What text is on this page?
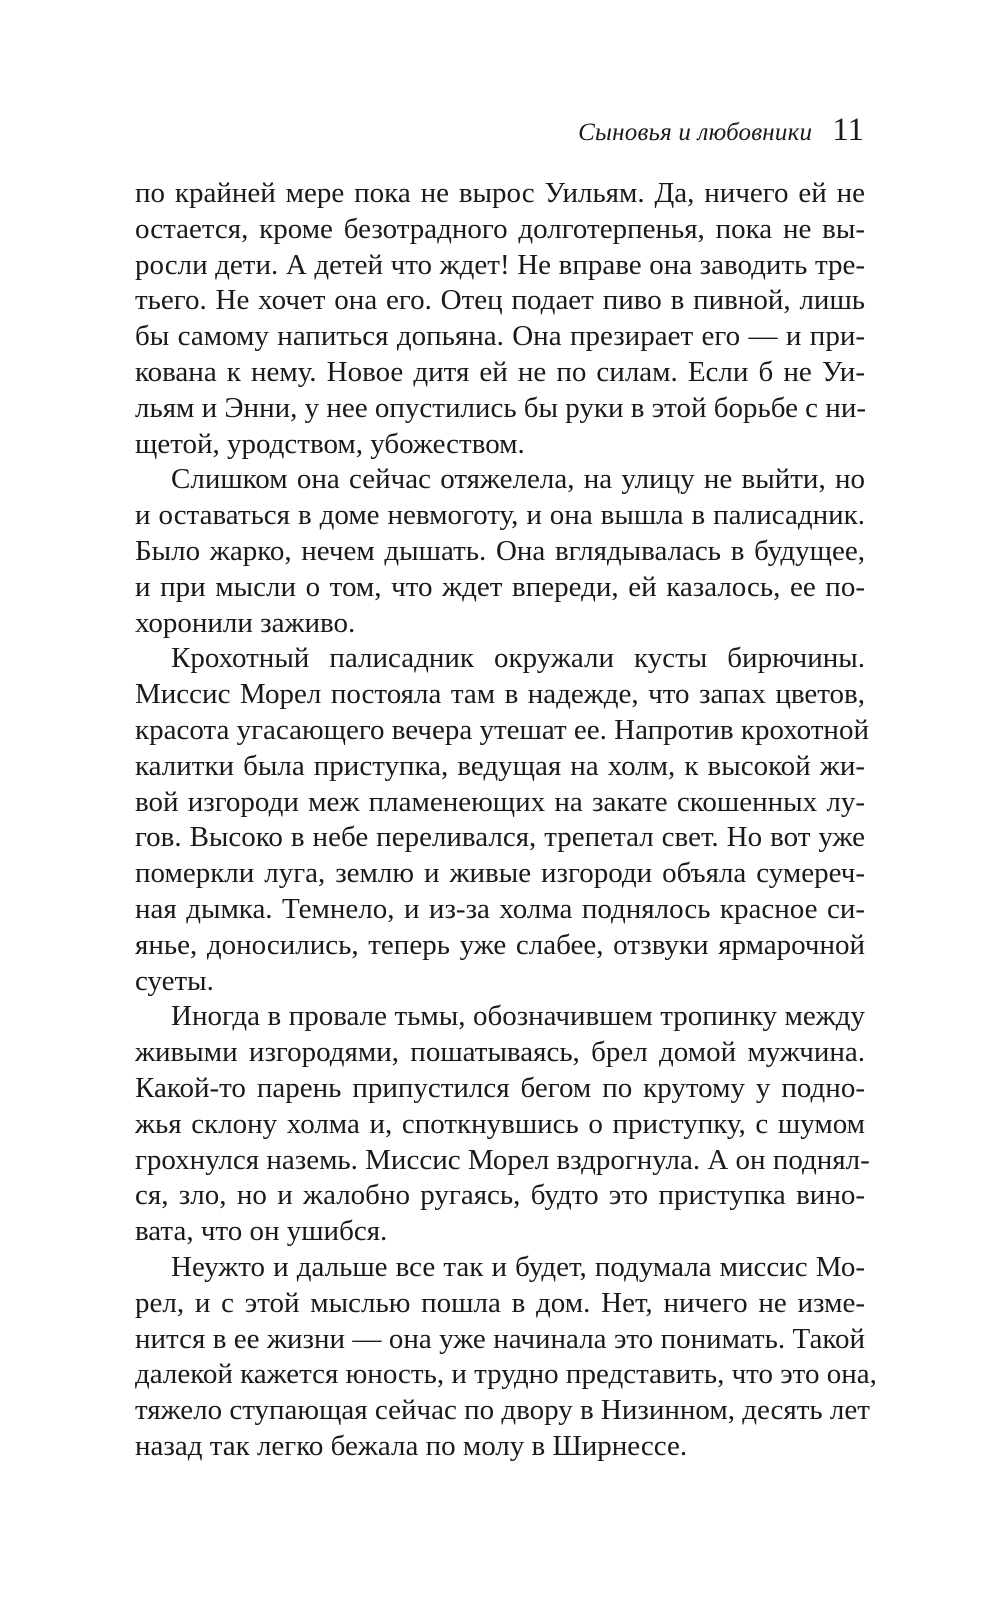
Сыновья и любовники 11
по крайней мере пока не вырос Уильям. Да, ничего ей не
остается, кроме безотрадного долготерпенья, пока не вы-
росли дети. А детей что ждет! Не вправе она заводить тре-
тьего. Не хочет она его. Отец подает пиво в пивной, лишь
бы самому напиться допьяна. Она презирает его — и при-
кована к нему. Новое дитя ей не по силам. Если б не Уи-
льям и Энни, у нее опустились бы руки в этой борьбе с ни-
щетой, уродством, убожеством.
Слишком она сейчас отяжелела, на улицу не выйти, но
и оставаться в доме невмоготу, и она вышла в палисадник.
Было жарко, нечем дышать. Она вглядывалась в будущее,
и при мысли о том, что ждет впереди, ей казалось, ее по-
хоронили заживо.
Крохотный палисадник окружали кусты бирючины.
Миссис Морел постояла там в надежде, что запах цветов,
красота угасающего вечера утешат ее. Напротив крохотной
калитки была приступка, ведущая на холм, к высокой жи-
вой изгороди меж пламенеющих на закате скошенных лу-
гов. Высоко в небе переливался, трепетал свет. Но вот уже
померкли луга, землю и живые изгороди объяла сумереч-
ная дымка. Темнело, и из-за холма поднялось красное си-
янье, доносились, теперь уже слабее, отзвуки ярмарочной
суеты.
Иногда в провале тьмы, обозначившем тропинку между
живыми изгородями, пошатываясь, брел домой мужчина.
Какой-то парень припустился бегом по крутому у подно-
жья склону холма и, споткнувшись о приступку, с шумом
грохнулся наземь. Миссис Морел вздрогнула. А он поднял-
ся, зло, но и жалобно ругаясь, будто это приступка вино-
вата, что он ушибся.
Неужто и дальше все так и будет, подумала миссис Мо-
рел, и с этой мыслью пошла в дом. Нет, ничего не изме-
нится в ее жизни — она уже начинала это понимать. Такой
далекой кажется юность, и трудно представить, что это она,
тяжело ступающая сейчас по двору в Низинном, десять лет
назад так легко бежала по молу в Ширнессе.
